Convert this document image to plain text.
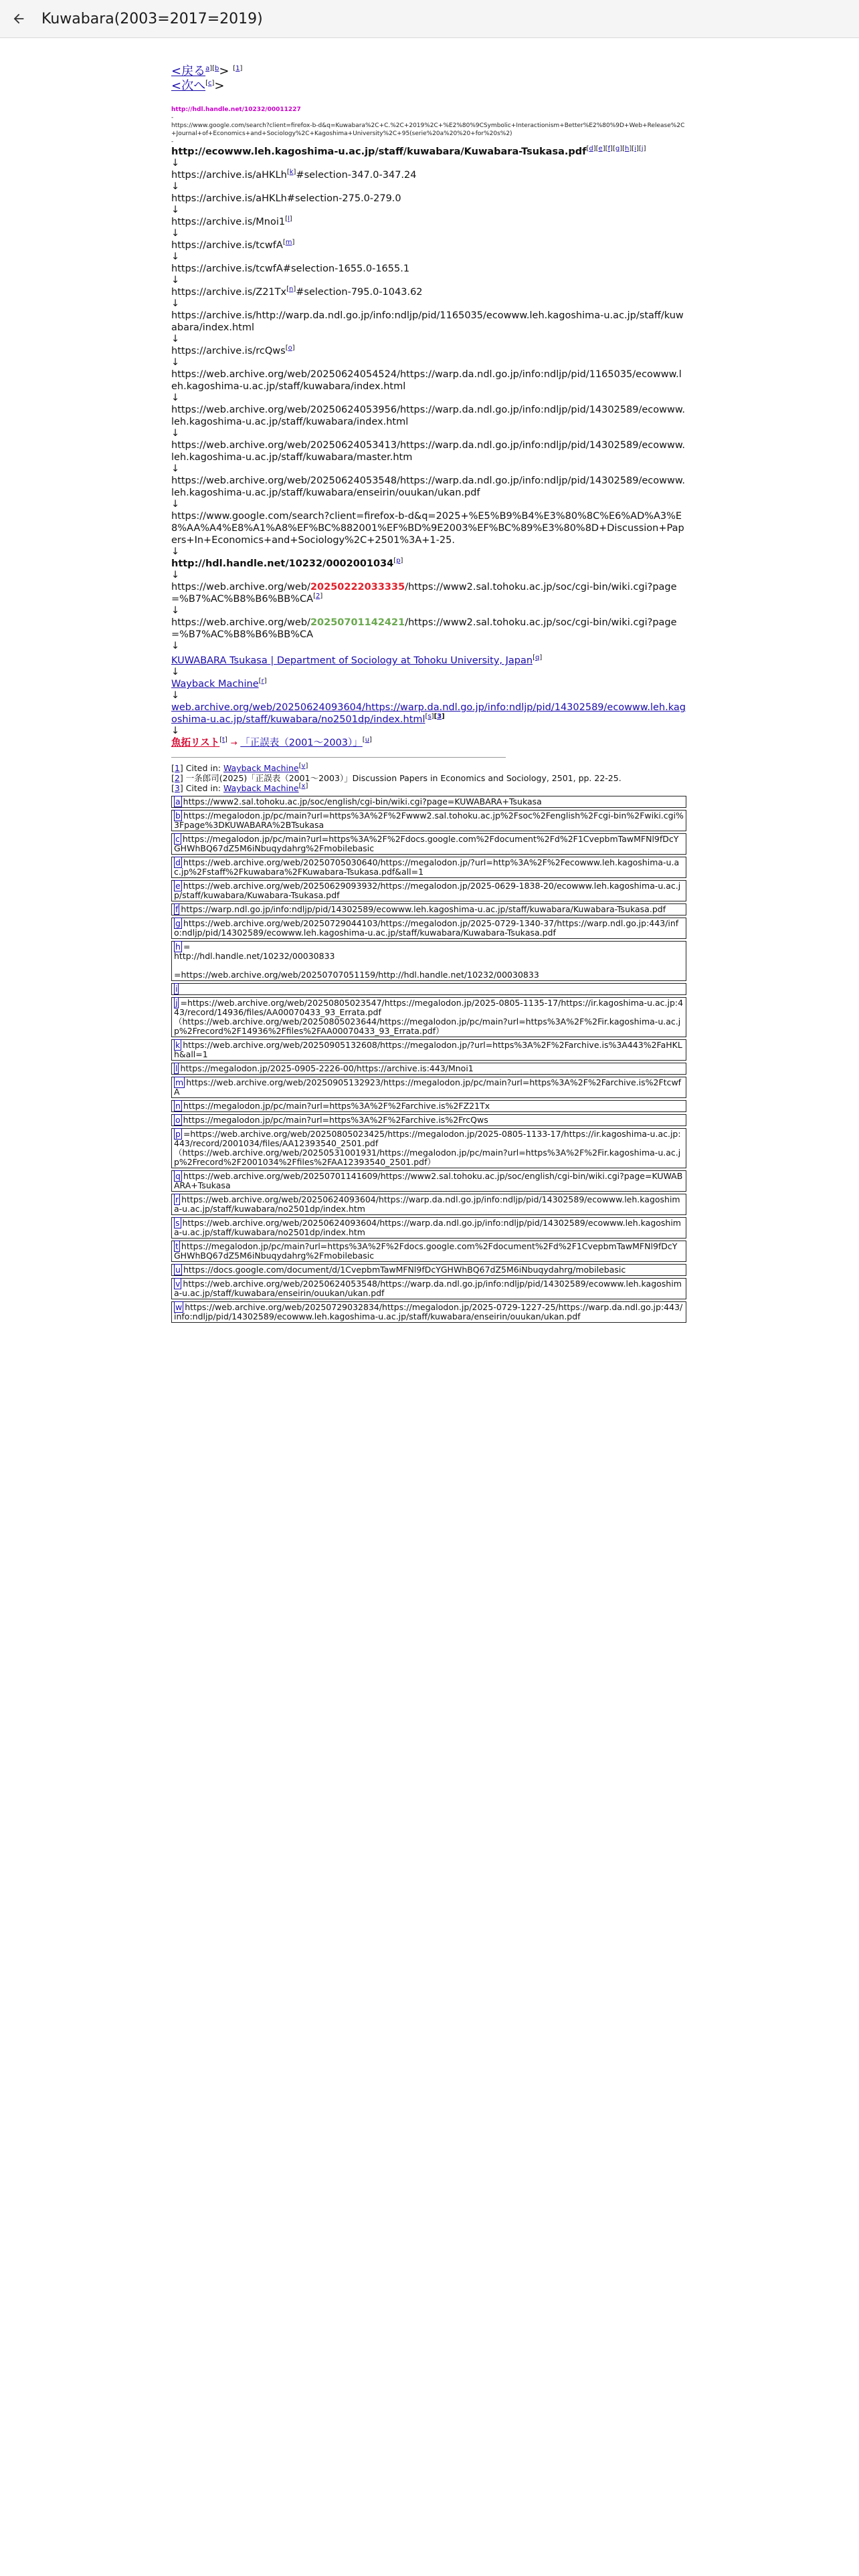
Kuwabara(2003=2017=2019)
<戻る$^{a][b}$> [1]
<次へ[c]>
http://hdl.handle.net/10232/00011227
-
https://www.google.com/search?client=firefox-b-d&q=Kuwabara%2C+C.%2C+2019%2C+%E2%80%9CSymbolic+Interactionism+Better%E2%80%9D+Web+Release%2C+Journal+of+Economics+and+Sociology%2C+Kagoshima+University%2C+95(serie%20a%20%20+for%20s%2)
-
http://ecowww.leh.kagoshima-u.ac.jp/staff/kuwabara/Kuwabara-Tsukasa.pdf[d][e][f][g][h][i][j]
↓
https://archive.is/aHKLh[k]#selection-347.0-347.24
↓
https://archive.is/aHKLh#selection-275.0-279.0
↓
https://archive.is/Mnoi1[l]
↓
https://archive.is/tcwfA[m]
↓
https://archive.is/tcwfA#selection-1655.0-1655.1
↓
https://archive.is/Z21Tx[n]#selection-795.0-1043.62
↓
https://archive.is/http://warp.da.ndl.go.jp/info:ndljp/pid/1165035/ecowww.leh.kagoshima-u.ac.jp/staff/kuwabara/index.html
↓
https://archive.is/rcQws[o]
↓
https://web.archive.org/web/20250624054524/https://warp.da.ndl.go.jp/info:ndljp/pid/1165035/ecowww.leh.kagoshima-u.ac.jp/staff/kuwabara/index.html
↓
https://web.archive.org/web/20250624053956/https://warp.da.ndl.go.jp/info:ndljp/pid/14302589/ecowww.leh.kagoshima-u.ac.jp/staff/kuwabara/index.html
↓
https://web.archive.org/web/20250624053413/https://warp.da.ndl.go.jp/info:ndljp/pid/14302589/ecowww.leh.kagoshima-u.ac.jp/staff/kuwabara/master.htm
↓
https://web.archive.org/web/20250624053548/https://warp.da.ndl.go.jp/info:ndljp/pid/14302589/ecowww.leh.kagoshima-u.ac.jp/staff/kuwabara/enseirin/ouukan/ukan.pdf
↓
https://www.google.com/search?client=firefox-b-d&q=2025+%E5%B9%B4%E3%80%8C%E6%AD%A3%E8%AA%A4%E8%A1%A8%EF%BC%882001%EF%BD%9E2003%EF%BC%89%E3%80%8D+Discussion+Papers+In+Economics+and+Sociology%2C+2501%3A+1-25.
↓
http://hdl.handle.net/10232/0002001034[p]
↓
https://web.archive.org/web/20250222033335/https://www2.sal.tohoku.ac.jp/soc/cgi-bin/wiki.cgi?page=%B7%AC%B8%B6%BB%CA[2]
↓
https://web.archive.org/web/20250701142421/https://www2.sal.tohoku.ac.jp/soc/cgi-bin/wiki.cgi?page=%B7%AC%B8%B6%BB%CA
↓
KUWABARA Tsukasa | Department of Sociology at Tohoku University, Japan[q]
↓
Wayback Machine[r]
↓
web.archive.org/web/20250624093604/https://warp.da.ndl.go.jp/info:ndljp/pid/14302589/ecowww.leh.kagoshima-u.ac.jp/staff/kuwabara/no2501dp/index.html[s][3]
↓
魚拓リスト[t] → 「正誤表（2001〜2003）」[u]
[1] Cited in: Wayback Machine[v]
[2] 一条郎司(2025)「正誤表（2001〜2003）」Discussion Papers in Economics and Sociology, 2501, pp. 22-25.
[3] Cited in: Wayback Machine[x]
a https://www2.sal.tohoku.ac.jp/soc/english/cgi-bin/wiki.cgi?page=KUWABARA+Tsukasa
b https://megalodon.jp/pc/main?url=https%3A%2F%2Fwww2.sal.tohoku.ac.jp%2Fsoc%2Fenglish%2Fcgi-bin%2Fwiki.cgi%3Fpage%3DKUWABARA%2BTsukasa
c https://megalodon.jp/pc/main?url=https%3A%2F%2Fdocs.google.com%2Fdocument%2Fd%2F1CvepbmTawMFNl9fDcYGHWhBQ67dZ5M6iNbuqydahrg%2Fmobilebasic
d https://web.archive.org/web/20250705030640/https://megalodon.jp/?url=http%3A%2F%2Fecowww.leh.kagoshima-u.ac.jp%2Fstaff%2Fkuwabara%2FKuwabara-Tsukasa.pdf&all=1
e https://web.archive.org/web/20250629093932/https://megalodon.jp/2025-0629-1838-20/ecowww.leh.kagoshima-u.ac.jp/staff/kuwabara/Kuwabara-Tsukasa.pdf
f https://warp.ndl.go.jp/info:ndljp/pid/14302589/ecowww.leh.kagoshima-u.ac.jp/staff/kuwabara/Kuwabara-Tsukasa.pdf
g https://web.archive.org/web/20250729044103/https://megalodon.jp/2025-0729-1340-37/https://warp.ndl.go.jp:443/info:ndljp/pid/14302589/ecowww.leh.kagoshima-u.ac.jp/staff/kuwabara/Kuwabara-Tsukasa.pdf
h =
http://hdl.handle.net/10232/00030833

=https://web.archive.org/web/20250707051159/http://hdl.handle.net/10232/00030833
i
j =https://web.archive.org/web/20250805023547/https://megalodon.jp/2025-0805-1135-17/https://ir.kagoshima-u.ac.jp:443/record/14936/files/AA00070433_93_Errata.pdf
（https://web.archive.org/web/20250805023644/https://megalodon.jp/pc/main?url=https%3A%2F%2Fir.kagoshima-u.ac.jp%2Frecord%2F14936%2Ffiles%2FAA00070433_93_Errata.pdf）
k https://web.archive.org/web/20250905132608/https://megalodon.jp/?url=https%3A%2F%2Farchive.is%3A443%2FaHKLh&all=1
l https://megalodon.jp/2025-0905-2226-00/https://archive.is:443/Mnoi1
m https://web.archive.org/web/20250905132923/https://megalodon.jp/pc/main?url=https%3A%2F%2Farchive.is%2FtcwfA
n https://megalodon.jp/pc/main?url=https%3A%2F%2Farchive.is%2FZ21Tx
o https://megalodon.jp/pc/main?url=https%3A%2F%2Farchive.is%2FrcQws
p =https://web.archive.org/web/20250805023425/https://megalodon.jp/2025-0805-1133-17/https://ir.kagoshima-u.ac.jp:443/record/2001034/files/AA12393540_2501.pdf
（https://web.archive.org/web/20250531001931/https://megalodon.jp/pc/main?url=https%3A%2F%2Fir.kagoshima-u.ac.jp%2Frecord%2F2001034%2Ffiles%2FAA12393540_2501.pdf）
q https://web.archive.org/web/20250701141609/https://www2.sal.tohoku.ac.jp/soc/english/cgi-bin/wiki.cgi?page=KUWABARA+Tsukasa
r https://web.archive.org/web/20250624093604/https://warp.da.ndl.go.jp/info:ndljp/pid/14302589/ecowww.leh.kagoshima-u.ac.jp/staff/kuwabara/no2501dp/index.htm
s https://web.archive.org/web/20250624093604/https://warp.da.ndl.go.jp/info:ndljp/pid/14302589/ecowww.leh.kagoshima-u.ac.jp/staff/kuwabara/no2501dp/index.htm
t https://megalodon.jp/pc/main?url=https%3A%2F%2Fdocs.google.com%2Fdocument%2Fd%2F1CvepbmTawMFNl9fDcYGHWhBQ67dZ5M6iNbuqydahrg%2Fmobilebasic
u https://docs.google.com/document/d/1CvepbmTawMFNl9fDcYGHWhBQ67dZ5M6iNbuqydahrg/mobilebasic
v https://web.archive.org/web/20250624053548/https://warp.da.ndl.go.jp/info:ndljp/pid/14302589/ecowww.leh.kagoshima-u.ac.jp/staff/kuwabara/enseirin/ouukan/ukan.pdf
w https://web.archive.org/web/20250729032834/https://megalodon.jp/2025-0729-1227-25/https://warp.da.ndl.go.jp:443/info:ndljp/pid/14302589/ecowww.leh.kagoshima-u.ac.jp/staff/kuwabara/enseirin/ouukan/ukan.pdf
